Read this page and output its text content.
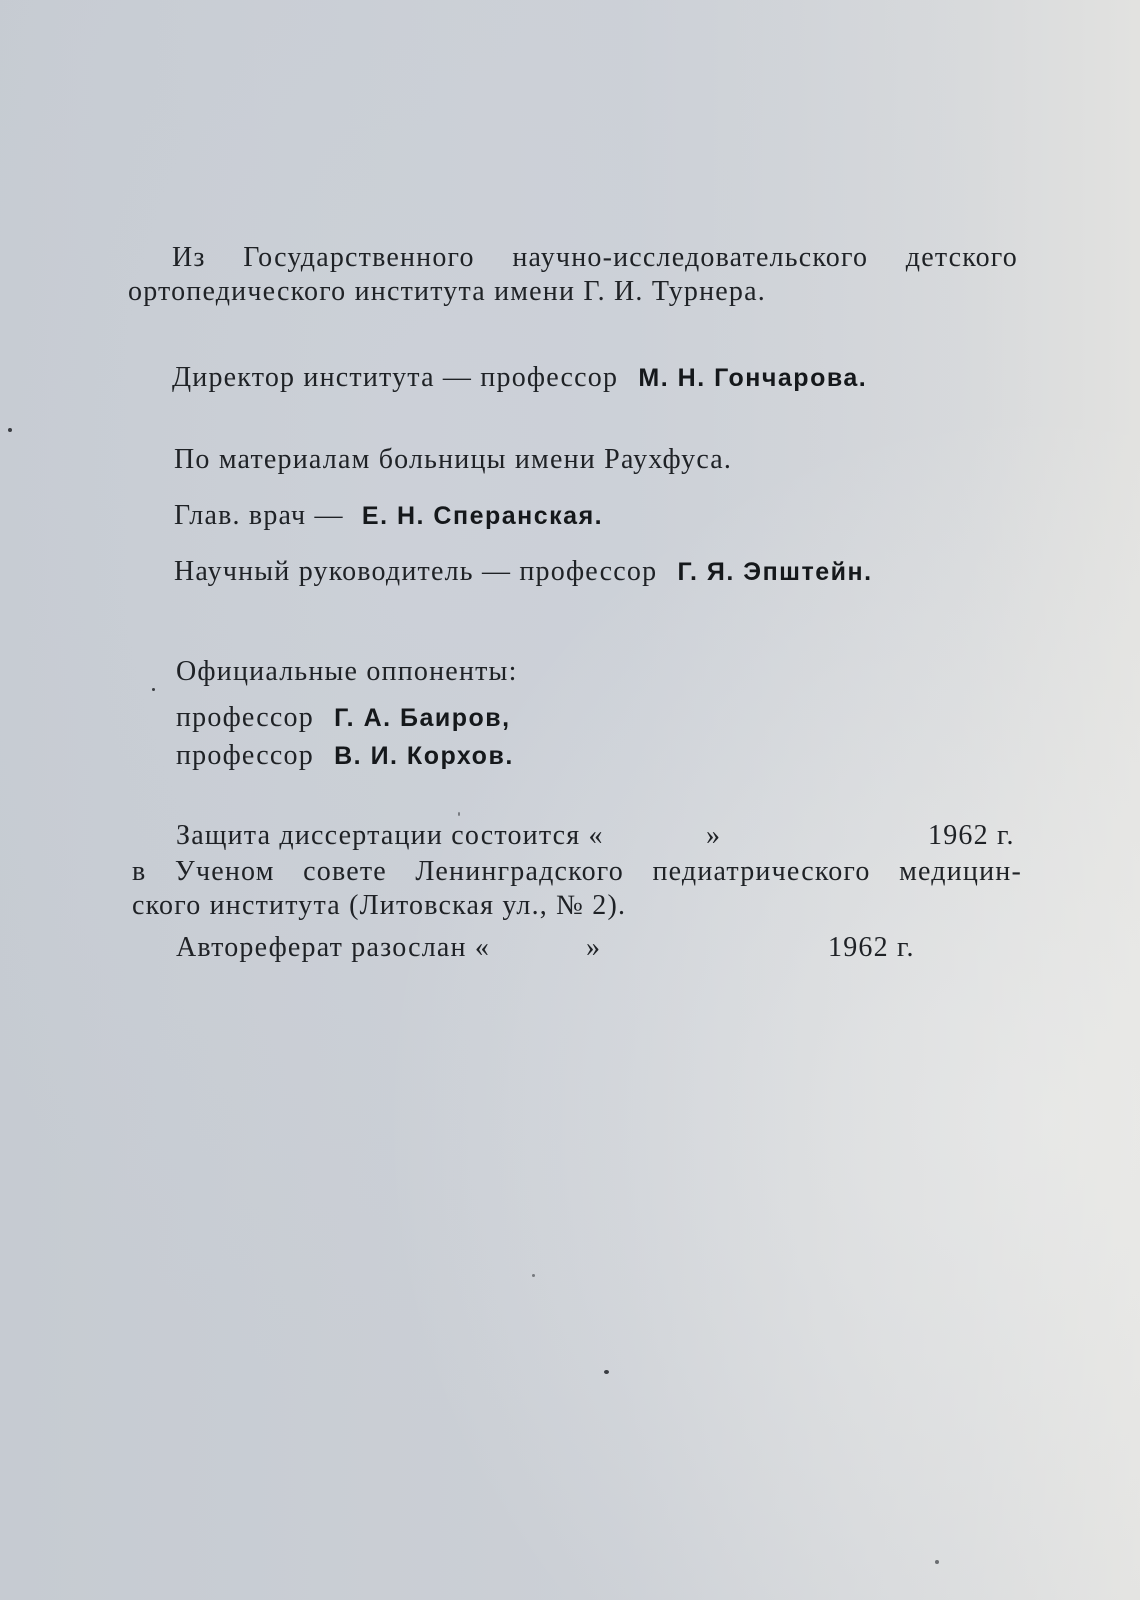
Из Государственного научно-исследовательского детского
ортопедического института имени Г. И. Турнера.
Директор института — профессор М. Н. Гончарова.
По материалам больницы имени Раухфуса.
Глав. врач — Е. Н. Сперанская.
Научный руководитель — профессор Г. Я. Эпштейн.
Официальные оппоненты:
профессор Г. А. Баиров,
профессор В. И. Корхов.
Защита диссертации состоится «	»	1962 г.
в Ученом совете Ленинградского педиатрического медицин-
ского института (Литовская ул., № 2).
Автореферат разослан «	»	1962 г.
